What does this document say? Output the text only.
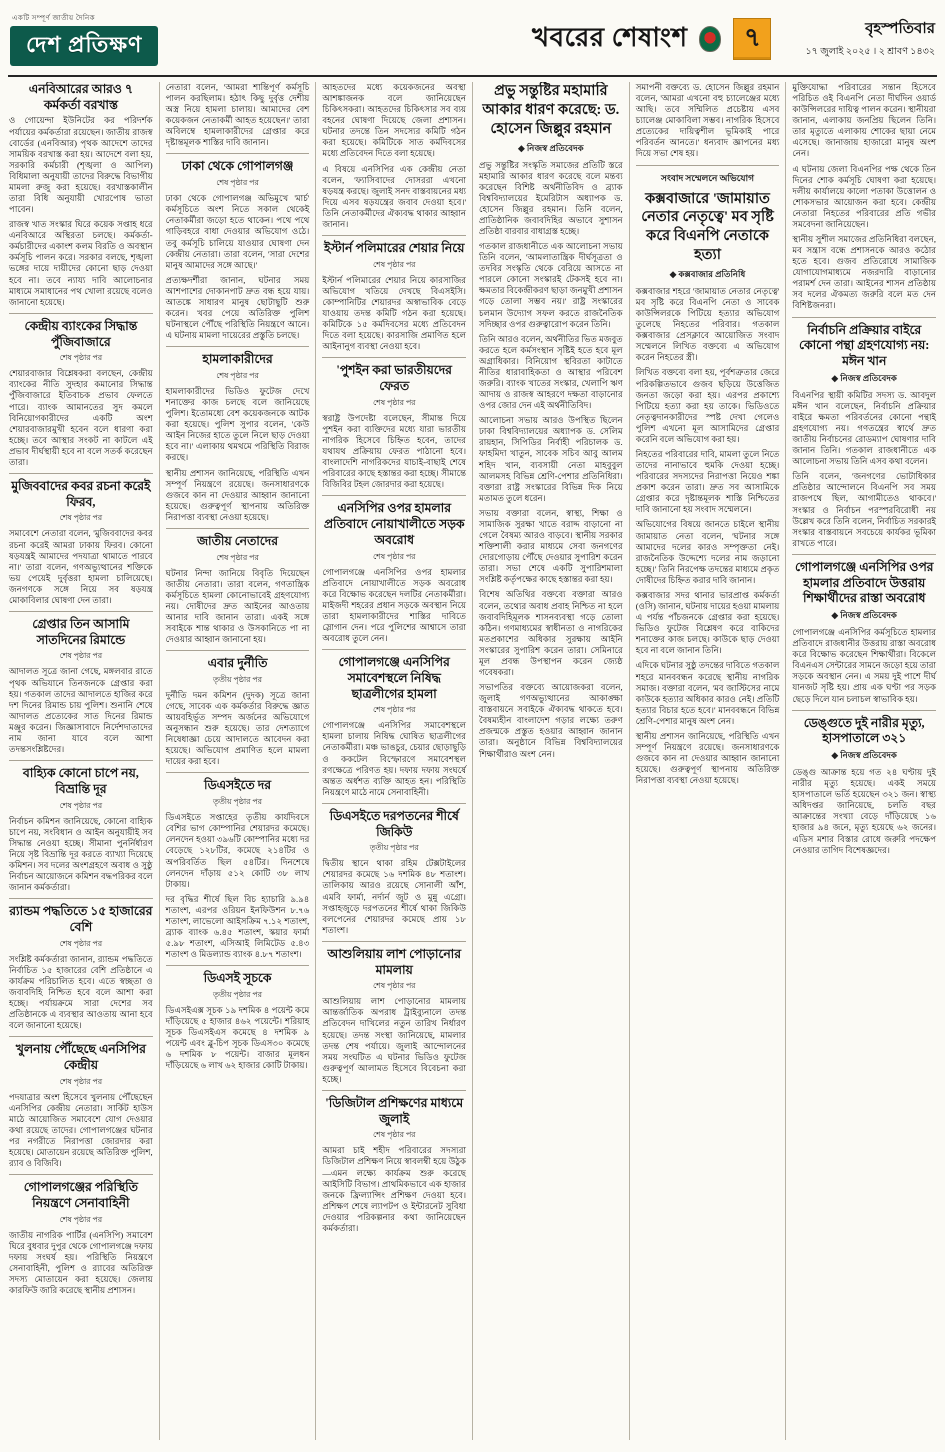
একটি সম্পূর্ণ জাতীয় দৈনিক
দেশ প্রতিক্ষণ	খবরের শেষাংশ	৭	বৃহস্পতিবার
১৭ জুলাই ২০২৫ । ২ শ্রাবণ ১৪৩২
এনবিআরের আরও ৭ কর্মকর্তা বরখাস্ত
ও গোয়েন্দা ইউনিটের কর পরিদর্শক পর্যায়ের কর্মকর্তারা রয়েছেন। জাতীয় রাজস্ব বোর্ডের (এনবিআর) পৃথক আদেশে তাদের সাময়িক বরখাস্ত করা হয়। আদেশে বলা হয়, সরকারি কর্মচারী (শৃঙ্খলা ও আপিল) বিধিমালা অনুযায়ী তাদের বিরুদ্ধে বিভাগীয় মামলা রুজু করা হয়েছে। বরখাস্তকালীন তারা বিধি অনুযায়ী খোরপোষ ভাতা পাবেন।
রাজস্ব খাত সংস্কার ঘিরে কয়েক সপ্তাহ ধরে এনবিআরে অস্থিরতা চলছে। কর্মকর্তা-কর্মচারীদের একাংশ কলম বিরতি ও অবস্থান কর্মসূচি পালন করে। সরকার বলছে, শৃঙ্খলা ভঙ্গের দায়ে দায়ীদের কোনো ছাড় দেওয়া হবে না। তবে ন্যায্য দাবি আলোচনার মাধ্যমে সমাধানের পথ খোলা রয়েছে বলেও জানানো হয়েছে।
কেন্দ্রীয় ব্যাংকের সিদ্ধান্ত পুঁজিবাজারে
শেষ পৃষ্ঠার পর
শেয়ারবাজার বিশ্লেষকরা বলছেন, কেন্দ্রীয় ব্যাংকের নীতি সুদহার কমানোর সিদ্ধান্ত পুঁজিবাজারে ইতিবাচক প্রভাব ফেলতে পারে। ব্যাংক আমানতের সুদ কমলে বিনিয়োগকারীদের একটি অংশ শেয়ারবাজারমুখী হবেন বলে ধারণা করা হচ্ছে। তবে আস্থার সংকট না কাটলে এই প্রভাব দীর্ঘস্থায়ী হবে না বলে সতর্ক করেছেন তারা।
মুজিববাদের কবর রচনা করেই ফিরব,
শেষ পৃষ্ঠার পর
সমাবেশে নেতারা বলেন, 'মুজিববাদের কবর রচনা করেই আমরা ঢাকায় ফিরব। কোনো ষড়যন্ত্রই আমাদের পদযাত্রা থামাতে পারবে না।' তারা বলেন, গণঅভ্যুত্থানের শক্তিকে ভয় পেয়েই দুর্বৃত্তরা হামলা চালিয়েছে। জনগণকে সঙ্গে নিয়ে সব ষড়যন্ত্র মোকাবিলার ঘোষণা দেন তারা।
গ্রেপ্তার তিন আসামি সাতদিনের রিমান্ডে
শেষ পৃষ্ঠার পর
আদালত সূত্রে জানা গেছে, মঙ্গলবার রাতে পৃথক অভিযানে তিনজনকে গ্রেপ্তার করা হয়। গতকাল তাদের আদালতে হাজির করে দশ দিনের রিমান্ড চায় পুলিশ। শুনানি শেষে আদালত প্রত্যেকের সাত দিনের রিমান্ড মঞ্জুর করেন। জিজ্ঞাসাবাদে নির্দেশদাতাদের নাম জানা যাবে বলে আশা তদন্তসংশ্লিষ্টদের।
বাহ্যিক কোনো চাপে নয়, বিভ্রান্তি দূর
শেষ পৃষ্ঠার পর
নির্বাচন কমিশন জানিয়েছে, কোনো বাহ্যিক চাপে নয়, সংবিধান ও আইন অনুযায়ীই সব সিদ্ধান্ত নেওয়া হচ্ছে। সীমানা পুনর্নির্ধারণ নিয়ে সৃষ্ট বিভ্রান্তি দূর করতে ব্যাখ্যা দিয়েছে কমিশন। সব দলের অংশগ্রহণে অবাধ ও সুষ্ঠু নির্বাচন আয়োজনে কমিশন বদ্ধপরিকর বলে জানান কর্মকর্তারা।
র‍্যান্ডম পদ্ধতিতে ১৫ হাজারের বেশি
শেষ পৃষ্ঠার পর
সংশ্লিষ্ট কর্মকর্তারা জানান, র‍্যান্ডম পদ্ধতিতে নির্বাচিত ১৫ হাজারের বেশি প্রতিষ্ঠানে এ কার্যক্রম পরিচালিত হবে। এতে স্বচ্ছতা ও জবাবদিহি নিশ্চিত হবে বলে আশা করা হচ্ছে। পর্যায়ক্রমে সারা দেশের সব প্রতিষ্ঠানকে এ ব্যবস্থার আওতায় আনা হবে বলে জানানো হয়েছে।
খুলনায় পৌঁছেছে এনসিপির কেন্দ্রীয়
শেষ পৃষ্ঠার পর
পদযাত্রার অংশ হিসেবে খুলনায় পৌঁছেছেন এনসিপির কেন্দ্রীয় নেতারা। সার্কিট হাউস মাঠে আয়োজিত সমাবেশে যোগ দেওয়ার কথা রয়েছে তাদের। গোপালগঞ্জের ঘটনার পর নগরীতে নিরাপত্তা জোরদার করা হয়েছে। মোতায়েন রয়েছে অতিরিক্ত পুলিশ, র‍্যাব ও বিজিবি।
গোপালগঞ্জের পরিস্থিতি নিয়ন্ত্রণে সেনাবাহিনী
শেষ পৃষ্ঠার পর
জাতীয় নাগরিক পার্টির (এনসিপি) সমাবেশ ঘিরে বুধবার দুপুর থেকে গোপালগঞ্জে দফায় দফায় সংঘর্ষ হয়। পরিস্থিতি নিয়ন্ত্রণে সেনাবাহিনী, পুলিশ ও র‍্যাবের অতিরিক্ত সদস্য মোতায়েন করা হয়েছে। জেলায় কারফিউ জারি করেছে স্থানীয় প্রশাসন।
নেতারা বলেন, 'আমরা শান্তিপূর্ণ কর্মসূচি পালন করছিলাম। হঠাৎ কিছু দুর্বৃত্ত দেশীয় অস্ত্র নিয়ে হামলা চালায়। আমাদের বেশ কয়েকজন নেতাকর্মী আহত হয়েছেন।' তারা অবিলম্বে হামলাকারীদের গ্রেপ্তার করে দৃষ্টান্তমূলক শাস্তির দাবি জানান।
ঢাকা থেকে গোপালগঞ্জ
শেষ পৃষ্ঠার পর
ঢাকা থেকে গোপালগঞ্জ অভিমুখে 'মার্চ' কর্মসূচিতে অংশ নিতে সকাল থেকেই নেতাকর্মীরা জড়ো হতে থাকেন। পথে পথে গাড়িবহরে বাধা দেওয়ার অভিযোগ ওঠে। তবু কর্মসূচি চালিয়ে যাওয়ার ঘোষণা দেন কেন্দ্রীয় নেতারা। তারা বলেন, 'সারা দেশের মানুষ আমাদের সঙ্গে আছে।'
প্রত্যক্ষদর্শীরা জানান, ঘটনার সময় আশপাশের দোকানপাট দ্রুত বন্ধ হয়ে যায়। আতঙ্কে সাধারণ মানুষ ছোটাছুটি শুরু করেন। খবর পেয়ে অতিরিক্ত পুলিশ ঘটনাস্থলে পৌঁছে পরিস্থিতি নিয়ন্ত্রণে আনে। এ ঘটনায় মামলা দায়েরের প্রস্তুতি চলছে।
হামলাকারীদের
শেষ পৃষ্ঠার পর
হামলাকারীদের ভিডিও ফুটেজ দেখে শনাক্তের কাজ চলছে বলে জানিয়েছে পুলিশ। ইতোমধ্যে বেশ কয়েকজনকে আটক করা হয়েছে। পুলিশ সুপার বলেন, 'কেউ আইন নিজের হাতে তুলে নিলে ছাড় দেওয়া হবে না।' এলাকায় থমথমে পরিস্থিতি বিরাজ করছে।
স্থানীয় প্রশাসন জানিয়েছে, পরিস্থিতি এখন সম্পূর্ণ নিয়ন্ত্রণে রয়েছে। জনসাধারণকে গুজবে কান না দেওয়ার আহ্বান জানানো হয়েছে। গুরুত্বপূর্ণ স্থাপনায় অতিরিক্ত নিরাপত্তা ব্যবস্থা নেওয়া হয়েছে।
জাতীয় নেতাদের
শেষ পৃষ্ঠার পর
ঘটনার নিন্দা জানিয়ে বিবৃতি দিয়েছেন জাতীয় নেতারা। তারা বলেন, গণতান্ত্রিক কর্মসূচিতে হামলা কোনোভাবেই গ্রহণযোগ্য নয়। দোষীদের দ্রুত আইনের আওতায় আনার দাবি জানান তারা। একই সঙ্গে সবাইকে শান্ত থাকার ও উসকানিতে পা না দেওয়ার আহ্বান জানানো হয়।
এবার দুর্নীতি
তৃতীয় পৃষ্ঠার পর
দুর্নীতি দমন কমিশন (দুদক) সূত্রে জানা গেছে, সাবেক এক কর্মকর্তার বিরুদ্ধে জ্ঞাত আয়বহির্ভূত সম্পদ অর্জনের অভিযোগে অনুসন্ধান শুরু হয়েছে। তার দেশত্যাগে নিষেধাজ্ঞা চেয়ে আদালতে আবেদন করা হয়েছে। অভিযোগ প্রমাণিত হলে মামলা দায়ের করা হবে।
ডিএসইতে দর
তৃতীয় পৃষ্ঠার পর
ডিএসইতে সপ্তাহের তৃতীয় কার্যদিবসে বেশির ভাগ কোম্পানির শেয়ারদর কমেছে। লেনদেন হওয়া ৩৯৬টি কোম্পানির মধ্যে দর বেড়েছে ১২৮টির, কমেছে ২১৪টির ও অপরিবর্তিত ছিল ৫৪টির। দিনশেষে লেনদেন দাঁড়ায় ৫১২ কোটি ৩৮ লাখ টাকায়।
দর বৃদ্ধির শীর্ষে ছিল বিচ হ্যাচারি ৯.৯৪ শতাংশ, এরপর ওরিয়ন ইনফিউশন ৮.৭৬ শতাংশ, লাভেলো আইসক্রিম ৭.১২ শতাংশ, ব্র্যাক ব্যাংক ৬.৪৫ শতাংশ, স্কয়ার ফার্মা ৫.৯৮ শতাংশ, এসিআই লিমিটেড ৫.৪৩ শতাংশ ও মিডল্যান্ড ব্যাংক ৪.৮৭ শতাংশ।
ডিএসই সূচকে
তৃতীয় পৃষ্ঠার পর
ডিএসইএক্স সূচক ১৯ দশমিক ৪ পয়েন্ট কমে দাঁড়িয়েছে ৫ হাজার ৪৬২ পয়েন্টে। শরিয়াহ সূচক ডিএসইএস কমেছে ৪ দশমিক ৯ পয়েন্ট এবং ব্লু-চিপ সূচক ডিএস৩০ কমেছে ৬ দশমিক ৮ পয়েন্ট। বাজার মূলধন দাঁড়িয়েছে ৬ লাখ ৬২ হাজার কোটি টাকায়।
আহতদের মধ্যে কয়েকজনের অবস্থা আশঙ্কাজনক বলে জানিয়েছেন চিকিৎসকরা। আহতদের চিকিৎসার সব ব্যয় বহনের ঘোষণা দিয়েছে জেলা প্রশাসন। ঘটনার তদন্তে তিন সদস্যের কমিটি গঠন করা হয়েছে। কমিটিকে সাত কর্মদিবসের মধ্যে প্রতিবেদন দিতে বলা হয়েছে।
এ বিষয়ে এনসিপির এক কেন্দ্রীয় নেতা বলেন, 'ফ্যাসিবাদের দোসররা এখনো ষড়যন্ত্র করছে। জুলাই সনদ বাস্তবায়নের মধ্য দিয়ে এসব ষড়যন্ত্রের জবাব দেওয়া হবে।' তিনি নেতাকর্মীদের ঐক্যবদ্ধ থাকার আহ্বান জানান।
ইস্টার্ন পলিমারের শেয়ার নিয়ে
শেষ পৃষ্ঠার পর
ইস্টার্ন পলিমারের শেয়ার নিয়ে কারসাজির অভিযোগ খতিয়ে দেখছে বিএসইসি। কোম্পানিটির শেয়ারদর অস্বাভাবিক বেড়ে যাওয়ায় তদন্ত কমিটি গঠন করা হয়েছে। কমিটিকে ১৫ কর্মদিবসের মধ্যে প্রতিবেদন দিতে বলা হয়েছে। কারসাজি প্রমাণিত হলে আইনানুগ ব্যবস্থা নেওয়া হবে।
'পুশইন করা ভারতীয়দের ফেরত
শেষ পৃষ্ঠার পর
স্বরাষ্ট্র উপদেষ্টা বলেছেন, সীমান্ত দিয়ে পুশইন করা ব্যক্তিদের মধ্যে যারা ভারতীয় নাগরিক হিসেবে চিহ্নিত হবেন, তাদের যথাযথ প্রক্রিয়ায় ফেরত পাঠানো হবে। বাংলাদেশি নাগরিকদের যাচাই-বাছাই শেষে পরিবারের কাছে হস্তান্তর করা হচ্ছে। সীমান্তে বিজিবির টহল জোরদার করা হয়েছে।
এনসিপির ওপর হামলার প্রতিবাদে নোয়াখালীতে সড়ক অবরোধ
শেষ পৃষ্ঠার পর
গোপালগঞ্জে এনসিপির ওপর হামলার প্রতিবাদে নোয়াখালীতে সড়ক অবরোধ করে বিক্ষোভ করেছেন দলটির নেতাকর্মীরা। মাইজদী শহরের প্রধান সড়কে অবস্থান নিয়ে তারা হামলাকারীদের শাস্তির দাবিতে স্লোগান দেন। পরে পুলিশের আশ্বাসে তারা অবরোধ তুলে নেন।
গোপালগঞ্জে এনসিপির সমাবেশস্থলে নিষিদ্ধ ছাত্রলীগের হামলা
শেষ পৃষ্ঠার পর
গোপালগঞ্জে এনসিপির সমাবেশস্থলে হামলা চালায় নিষিদ্ধ ঘোষিত ছাত্রলীগের নেতাকর্মীরা। মঞ্চ ভাঙচুর, চেয়ার ছোড়াছুড়ি ও ককটেল বিস্ফোরণে সমাবেশস্থল রণক্ষেত্রে পরিণত হয়। দফায় দফায় সংঘর্ষে অন্তত অর্ধশত ব্যক্তি আহত হন। পরিস্থিতি নিয়ন্ত্রণে মাঠে নামে সেনাবাহিনী।
ডিএসইতে দরপতনের শীর্ষে জিকিউ
তৃতীয় পৃষ্ঠার পর
দ্বিতীয় স্থানে থাকা রহিম টেক্সটাইলের শেয়ারদর কমেছে ১৬ দশমিক ৪৮ শতাংশ। তালিকায় আরও রয়েছে সোনালী আঁশ, এমবি ফার্মা, নর্দার্ন জুট ও মুন্নু এগ্রো। সপ্তাহজুড়ে দরপতনের শীর্ষে থাকা জিকিউ বলপেনের শেয়ারদর কমেছে প্রায় ১৮ শতাংশ।
আশুলিয়ায় লাশ পোড়ানোর মামলায়
শেষ পৃষ্ঠার পর
আশুলিয়ায় লাশ পোড়ানোর মামলায় আন্তর্জাতিক অপরাধ ট্রাইব্যুনালে তদন্ত প্রতিবেদন দাখিলের নতুন তারিখ নির্ধারণ হয়েছে। তদন্ত সংস্থা জানিয়েছে, মামলার তদন্ত শেষ পর্যায়ে। জুলাই আন্দোলনের সময় সংঘটিত এ ঘটনার ভিডিও ফুটেজ গুরুত্বপূর্ণ আলামত হিসেবে বিবেচনা করা হচ্ছে।
'ডিজিটাল প্রশিক্ষণের মাধ্যমে জুলাই
শেষ পৃষ্ঠার পর
আমরা চাই শহীদ পরিবারের সদস্যরা ডিজিটাল প্রশিক্ষণ নিয়ে স্বাবলম্বী হয়ে উঠুক—এমন লক্ষ্যে কার্যক্রম শুরু করেছে আইসিটি বিভাগ। প্রাথমিকভাবে এক হাজার জনকে ফ্রিল্যান্সিং প্রশিক্ষণ দেওয়া হবে। প্রশিক্ষণ শেষে ল্যাপটপ ও ইন্টারনেট সুবিধা দেওয়ার পরিকল্পনার কথা জানিয়েছেন কর্মকর্তারা।
প্রভু সন্তুষ্টির মহামারি আকার ধারণ করেছে: ড. হোসেন জিল্লুর রহমান
◆ নিজস্ব প্রতিবেদক
প্রভু সন্তুষ্টির সংস্কৃতি সমাজের প্রতিটি স্তরে মহামারি আকার ধারণ করেছে বলে মন্তব্য করেছেন বিশিষ্ট অর্থনীতিবিদ ও ব্র্যাক বিশ্ববিদ্যালয়ের ইমেরিটাস অধ্যাপক ড. হোসেন জিল্লুর রহমান। তিনি বলেন, প্রাতিষ্ঠানিক জবাবদিহির অভাবে সুশাসন প্রতিষ্ঠা বারবার বাধাগ্রস্ত হচ্ছে।
গতকাল রাজধানীতে এক আলোচনা সভায় তিনি বলেন, 'আমলাতান্ত্রিক দীর্ঘসূত্রতা ও তদবির সংস্কৃতি থেকে বেরিয়ে আসতে না পারলে কোনো সংস্কারই টেকসই হবে না। ক্ষমতার বিকেন্দ্রীকরণ ছাড়া জনমুখী প্রশাসন গড়ে তোলা সম্ভব নয়।' রাষ্ট্র সংস্কারের চলমান উদ্যোগ সফল করতে রাজনৈতিক সদিচ্ছার ওপর গুরুত্বারোপ করেন তিনি।
তিনি আরও বলেন, অর্থনীতির ভিত মজবুত করতে হলে কর্মসংস্থান সৃষ্টিই হতে হবে মূল অগ্রাধিকার। বিনিয়োগ স্থবিরতা কাটাতে নীতির ধারাবাহিকতা ও আস্থার পরিবেশ জরুরি। ব্যাংক খাতের সংস্কার, খেলাপি ঋণ আদায় ও রাজস্ব আহরণে দক্ষতা বাড়ানোর ওপর জোর দেন এই অর্থনীতিবিদ।
আলোচনা সভায় আরও উপস্থিত ছিলেন ঢাকা বিশ্ববিদ্যালয়ের অধ্যাপক ড. সেলিম রায়হান, সিপিডির নির্বাহী পরিচালক ড. ফাহমিদা খাতুন, সাবেক সচিব আবু আলম শহিদ খান, ব্যবসায়ী নেতা মাহবুবুল আলমসহ বিভিন্ন শ্রেণি-পেশার প্রতিনিধিরা। বক্তারা রাষ্ট্র সংস্কারের বিভিন্ন দিক নিয়ে মতামত তুলে ধরেন।
সভায় বক্তারা বলেন, স্বাস্থ্য, শিক্ষা ও সামাজিক সুরক্ষা খাতে বরাদ্দ বাড়ানো না গেলে বৈষম্য আরও বাড়বে। স্থানীয় সরকার শক্তিশালী করার মাধ্যমে সেবা জনগণের দোরগোড়ায় পৌঁছে দেওয়ার সুপারিশ করেন তারা। সভা শেষে একটি সুপারিশমালা সংশ্লিষ্ট কর্তৃপক্ষের কাছে হস্তান্তর করা হয়।
বিশেষ অতিথির বক্তব্যে বক্তারা আরও বলেন, তথ্যের অবাধ প্রবাহ নিশ্চিত না হলে জবাবদিহিমূলক শাসনব্যবস্থা গড়ে তোলা কঠিন। গণমাধ্যমের স্বাধীনতা ও নাগরিকের মতপ্রকাশের অধিকার সুরক্ষায় আইনি সংস্কারের সুপারিশ করেন তারা। সেমিনারে মূল প্রবন্ধ উপস্থাপন করেন জ্যেষ্ঠ গবেষকরা।
সভাপতির বক্তব্যে আয়োজকরা বলেন, জুলাই গণঅভ্যুত্থানের আকাঙ্ক্ষা বাস্তবায়নে সবাইকে ঐক্যবদ্ধ থাকতে হবে। বৈষম্যহীন বাংলাদেশ গড়ার লক্ষ্যে তরুণ প্রজন্মকে প্রস্তুত হওয়ার আহ্বান জানান তারা। অনুষ্ঠানে বিভিন্ন বিশ্ববিদ্যালয়ের শিক্ষার্থীরাও অংশ নেন।
সমাপনী বক্তব্যে ড. হোসেন জিল্লুর রহমান বলেন, 'আমরা এখনো বহু চ্যালেঞ্জের মধ্যে আছি। তবে সম্মিলিত প্রচেষ্টায় এসব চ্যালেঞ্জ মোকাবিলা সম্ভব। নাগরিক হিসেবে প্রত্যেকের দায়িত্বশীল ভূমিকাই পারে পরিবর্তন আনতে।' ধন্যবাদ জ্ঞাপনের মধ্য দিয়ে সভা শেষ হয়।
সংবাদ সম্মেলনে অভিযোগ
কক্সবাজারে 'জামায়াত নেতার নেতৃত্বে' মব সৃষ্টি করে বিএনপি নেতাকে হত্যা
◆ কক্সবাজার প্রতিনিধি
কক্সবাজার শহরে 'জামায়াত নেতার নেতৃত্বে' মব সৃষ্টি করে বিএনপি নেতা ও সাবেক কাউন্সিলরকে পিটিয়ে হত্যার অভিযোগ তুলেছে নিহতের পরিবার। গতকাল কক্সবাজার প্রেসক্লাবে আয়োজিত সংবাদ সম্মেলনে লিখিত বক্তব্যে এ অভিযোগ করেন নিহতের স্ত্রী।
লিখিত বক্তব্যে বলা হয়, পূর্বশত্রুতার জেরে পরিকল্পিতভাবে গুজব ছড়িয়ে উত্তেজিত জনতা জড়ো করা হয়। এরপর প্রকাশ্যে পিটিয়ে হত্যা করা হয় তাকে। ভিডিওতে নেতৃত্বদানকারীদের স্পষ্ট দেখা গেলেও পুলিশ এখনো মূল আসামিদের গ্রেপ্তার করেনি বলে অভিযোগ করা হয়।
নিহতের পরিবারের দাবি, মামলা তুলে নিতে তাদের নানাভাবে হুমকি দেওয়া হচ্ছে। পরিবারের সদস্যদের নিরাপত্তা নিয়েও শঙ্কা প্রকাশ করেন তারা। দ্রুত সব আসামিকে গ্রেপ্তার করে দৃষ্টান্তমূলক শাস্তি নিশ্চিতের দাবি জানানো হয় সংবাদ সম্মেলনে।
অভিযোগের বিষয়ে জানতে চাইলে স্থানীয় জামায়াত নেতা বলেন, 'ঘটনার সঙ্গে আমাদের দলের কারও সম্পৃক্ততা নেই। রাজনৈতিক উদ্দেশ্যে দলের নাম জড়ানো হচ্ছে।' তিনি নিরপেক্ষ তদন্তের মাধ্যমে প্রকৃত দোষীদের চিহ্নিত করার দাবি জানান।
কক্সবাজার সদর থানার ভারপ্রাপ্ত কর্মকর্তা (ওসি) জানান, ঘটনায় দায়ের হওয়া মামলায় এ পর্যন্ত পাঁচজনকে গ্রেপ্তার করা হয়েছে। ভিডিও ফুটেজ বিশ্লেষণ করে বাকিদের শনাক্তের কাজ চলছে। কাউকে ছাড় দেওয়া হবে না বলে জানান তিনি।
এদিকে ঘটনার সুষ্ঠু তদন্তের দাবিতে গতকাল শহরে মানববন্ধন করেছে স্থানীয় নাগরিক সমাজ। বক্তারা বলেন, 'মব জাস্টিসের নামে কাউকে হত্যার অধিকার কারও নেই। প্রতিটি হত্যার বিচার হতে হবে।' মানববন্ধনে বিভিন্ন শ্রেণি-পেশার মানুষ অংশ নেন।
স্থানীয় প্রশাসন জানিয়েছে, পরিস্থিতি এখন সম্পূর্ণ নিয়ন্ত্রণে রয়েছে। জনসাধারণকে গুজবে কান না দেওয়ার আহ্বান জানানো হয়েছে। গুরুত্বপূর্ণ স্থাপনায় অতিরিক্ত নিরাপত্তা ব্যবস্থা নেওয়া হয়েছে।
মুক্তিযোদ্ধা পরিবারের সন্তান হিসেবে পরিচিত ওই বিএনপি নেতা দীর্ঘদিন ওয়ার্ড কাউন্সিলরের দায়িত্ব পালন করেন। স্থানীয়রা জানান, এলাকায় জনপ্রিয় ছিলেন তিনি। তার মৃত্যুতে এলাকায় শোকের ছায়া নেমে এসেছে। জানাজায় হাজারো মানুষ অংশ নেন।
এ ঘটনায় জেলা বিএনপির পক্ষ থেকে তিন দিনের শোক কর্মসূচি ঘোষণা করা হয়েছে। দলীয় কার্যালয়ে কালো পতাকা উত্তোলন ও শোকসভার আয়োজন করা হবে। কেন্দ্রীয় নেতারা নিহতের পরিবারের প্রতি গভীর সমবেদনা জানিয়েছেন।
স্থানীয় সুশীল সমাজের প্রতিনিধিরা বলছেন, মব সন্ত্রাস বন্ধে প্রশাসনকে আরও কঠোর হতে হবে। গুজব প্রতিরোধে সামাজিক যোগাযোগমাধ্যমে নজরদারি বাড়ানোর পরামর্শ দেন তারা। আইনের শাসন প্রতিষ্ঠায় সব দলের ঐকমত্য জরুরি বলে মত দেন বিশিষ্টজনরা।
নির্বাচনি প্রক্রিয়ার বাইরে কোনো পন্থা গ্রহণযোগ্য নয়: মঈন খান
◆ নিজস্ব প্রতিবেদক
বিএনপির স্থায়ী কমিটির সদস্য ড. আবদুল মঈন খান বলেছেন, নির্বাচনি প্রক্রিয়ার বাইরে ক্ষমতা পরিবর্তনের কোনো পন্থাই গ্রহণযোগ্য নয়। গণতন্ত্রের স্বার্থে দ্রুত জাতীয় নির্বাচনের রোডম্যাপ ঘোষণার দাবি জানান তিনি। গতকাল রাজধানীতে এক আলোচনা সভায় তিনি এসব কথা বলেন।
তিনি বলেন, 'জনগণের ভোটাধিকার প্রতিষ্ঠার আন্দোলনে বিএনপি সব সময় রাজপথে ছিল, আগামীতেও থাকবে।' সংস্কার ও নির্বাচন পরস্পরবিরোধী নয় উল্লেখ করে তিনি বলেন, নির্বাচিত সরকারই সংস্কার বাস্তবায়নে সবচেয়ে কার্যকর ভূমিকা রাখতে পারে।
গোপালগঞ্জে এনসিপির ওপর হামলার প্রতিবাদে উত্তরায় শিক্ষার্থীদের রাস্তা অবরোধ
◆ নিজস্ব প্রতিবেদক
গোপালগঞ্জে এনসিপির কর্মসূচিতে হামলার প্রতিবাদে রাজধানীর উত্তরায় রাস্তা অবরোধ করে বিক্ষোভ করেছেন শিক্ষার্থীরা। বিকেলে বিএনএস সেন্টারের সামনে জড়ো হয়ে তারা সড়কে অবস্থান নেন। এ সময় দুই পাশে দীর্ঘ যানজট সৃষ্টি হয়। প্রায় এক ঘণ্টা পর সড়ক ছেড়ে দিলে যান চলাচল স্বাভাবিক হয়।
ডেঙ্গুতে দুই নারীর মৃত্যু, হাসপাতালে ৩২১
◆ নিজস্ব প্রতিবেদক
ডেঙ্গু আক্রান্ত হয়ে গত ২৪ ঘণ্টায় দুই নারীর মৃত্যু হয়েছে। একই সময়ে হাসপাতালে ভর্তি হয়েছেন ৩২১ জন। স্বাস্থ্য অধিদপ্তর জানিয়েছে, চলতি বছর আক্রান্তের সংখ্যা বেড়ে দাঁড়িয়েছে ১৬ হাজার ৯৪ জনে, মৃত্যু হয়েছে ৬২ জনের। এডিস মশার বিস্তার রোধে জরুরি পদক্ষেপ নেওয়ার তাগিদ বিশেষজ্ঞদের।
